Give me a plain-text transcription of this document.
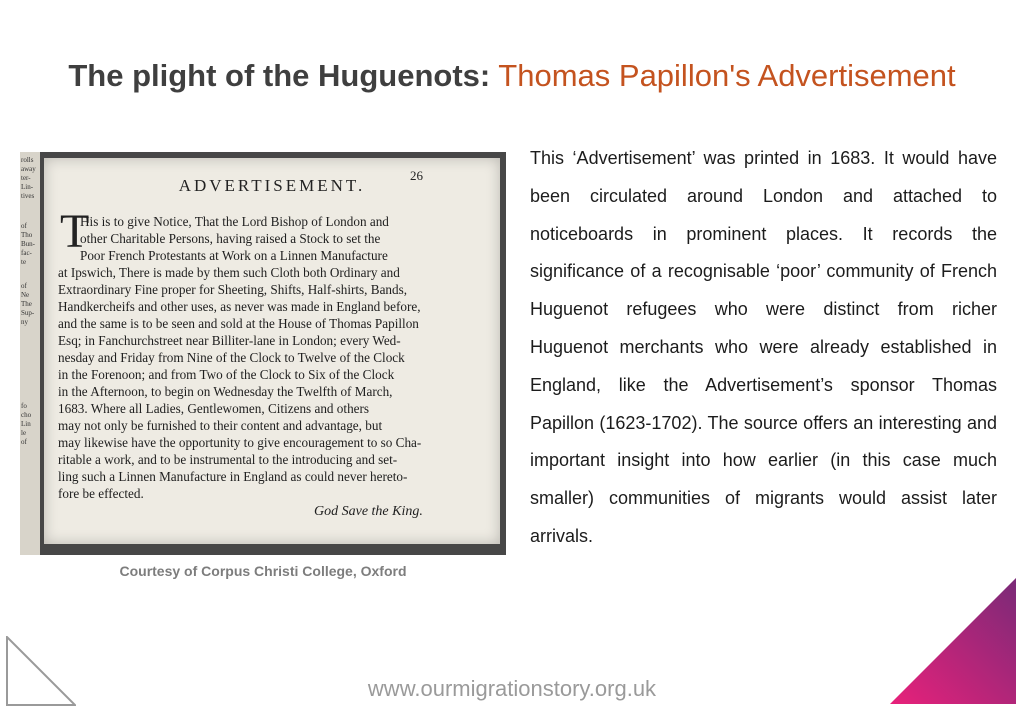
The plight of the Huguenots: Thomas Papillon's Advertisement
rolls
away
ter-
Lin-
tives
of
Tho
Bun-
fac-
te
of
Ne
The
Sup-
ny
fo
cho
Lin
le
of
ADVERTISEMENT.
26
T
His is to give Notice, That the Lord Bishop of London and
other Charitable Persons, having raised a Stock to set the
Poor French Protestants at Work on a Linnen Manufacture
at Ipswich, There is made by them such Cloth both Ordinary and
Extraordinary Fine proper for Sheeting, Shifts, Half-shirts, Bands,
Handkercheifs and other uses, as never was made in England before,
and the same is to be seen and sold at the House of Thomas Papillon
Esq; in Fanchurchstreet near Billiter-lane in London; every Wed-
nesday and Friday from Nine of the Clock to Twelve of the Clock
in the Forenoon; and from Two of the Clock to Six of the Clock
in the Afternoon, to begin on Wednesday the Twelfth of March,
1683. Where all Ladies, Gentlewomen, Citizens and others
may not only be furnished to their content and advantage, but
may likewise have the opportunity to give encouragement to so Cha-
ritable a work, and to be instrumental to the introducing and set-
ling such a Linnen Manufacture in England as could never hereto-
fore be effected.
God Save the King.
Courtesy of Corpus Christi College, Oxford
This ‘Advertisement’ was printed in 1683. It would have been circulated around London and attached to noticeboards in prominent places. It records the significance of a recognisable ‘poor’ community of French Huguenot refugees who were distinct from richer Huguenot merchants who were already established in England, like the Advertisement’s sponsor Thomas Papillon (1623-1702). The source offers an interesting and important insight into how earlier (in this case much smaller) communities of migrants would assist later arrivals.
www.ourmigrationstory.org.uk
